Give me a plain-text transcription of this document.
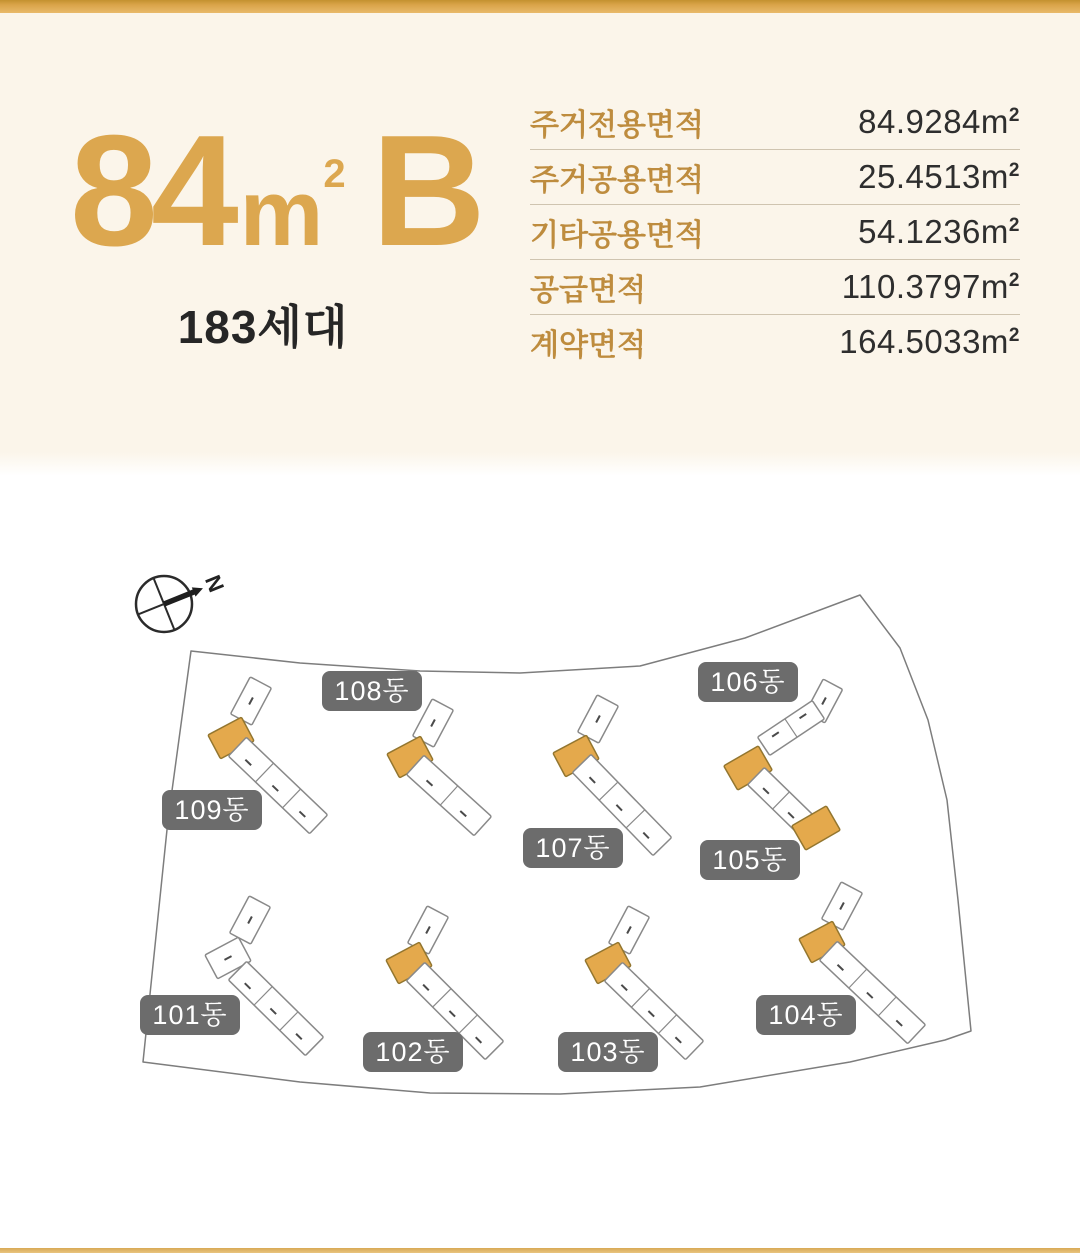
84 m 2 B
183세대
주거전용면적	$84.9284m^2$
주거공용면적	$25.4513m^2$
기타공용면적	$54.1236m^2$
공급면적	$110.3797m^2$
계약면적	$164.5033m^2$
N
101동
102동	103동
104동
105동
106동
107동
108동
109동
